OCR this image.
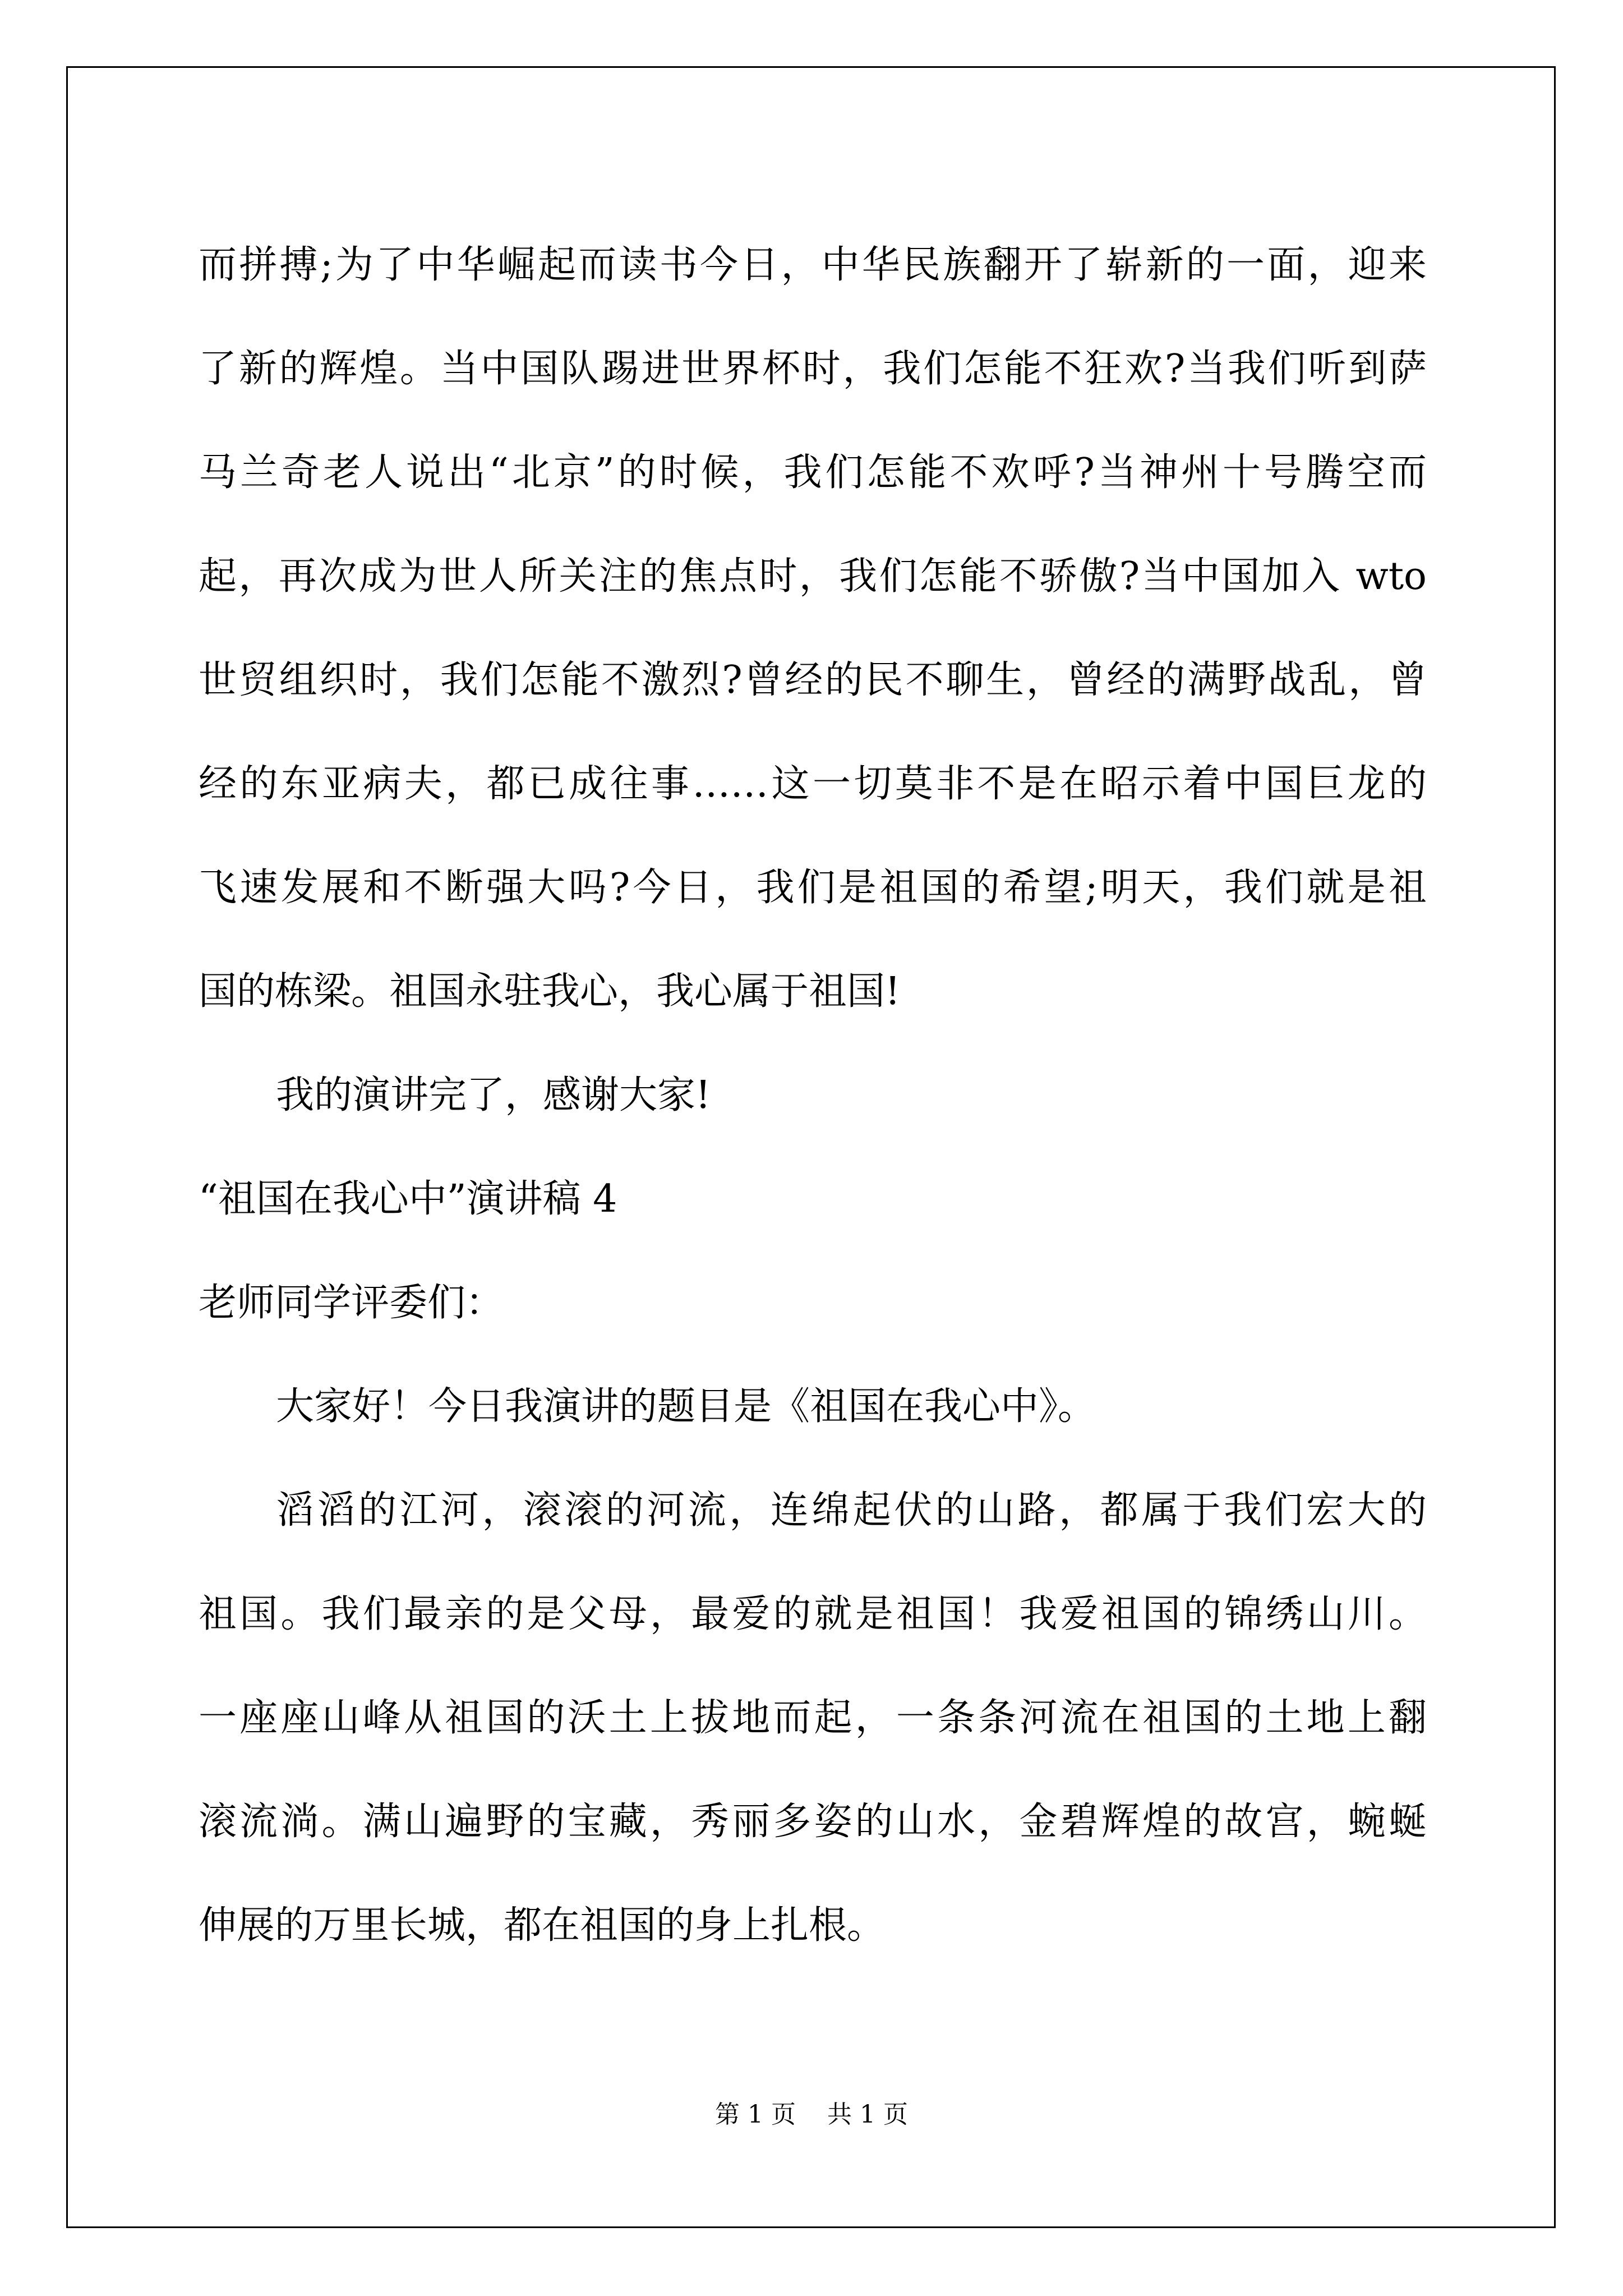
而拼搏;为了中华崛起而读书今日，中华民族翻开了崭新的一面，迎来

了新的辉煌。当中国队踢进世界杯时，我们怎能不狂欢?当我们听到萨

马兰奇老人说出“北京”的时候，我们怎能不欢呼?当神州十号腾空而

起，再次成为世人所关注的焦点时，我们怎能不骄傲?当中国加入 wto

世贸组织时，我们怎能不激烈?曾经的民不聊生，曾经的满野战乱，曾

经的东亚病夫，都已成往事……这一切莫非不是在昭示着中国巨龙的

飞速发展和不断强大吗?今日，我们是祖国的希望;明天，我们就是祖

国的栋梁。祖国永驻我心，我心属于祖国!

我的演讲完了，感谢大家!

“祖国在我心中”演讲稿 4

老师同学评委们：

大家好！今日我演讲的题目是《祖国在我心中》。

滔滔的江河，滚滚的河流，连绵起伏的山路，都属于我们宏大的

祖国。我们最亲的是父母，最爱的就是祖国！我爱祖国的锦绣山川。

一座座山峰从祖国的沃土上拔地而起，一条条河流在祖国的土地上翻

滚流淌。满山遍野的宝藏，秀丽多姿的山水，金碧辉煌的故宫，蜿蜒

伸展的万里长城，都在祖国的身上扎根。

第 1 页 共 1 页
